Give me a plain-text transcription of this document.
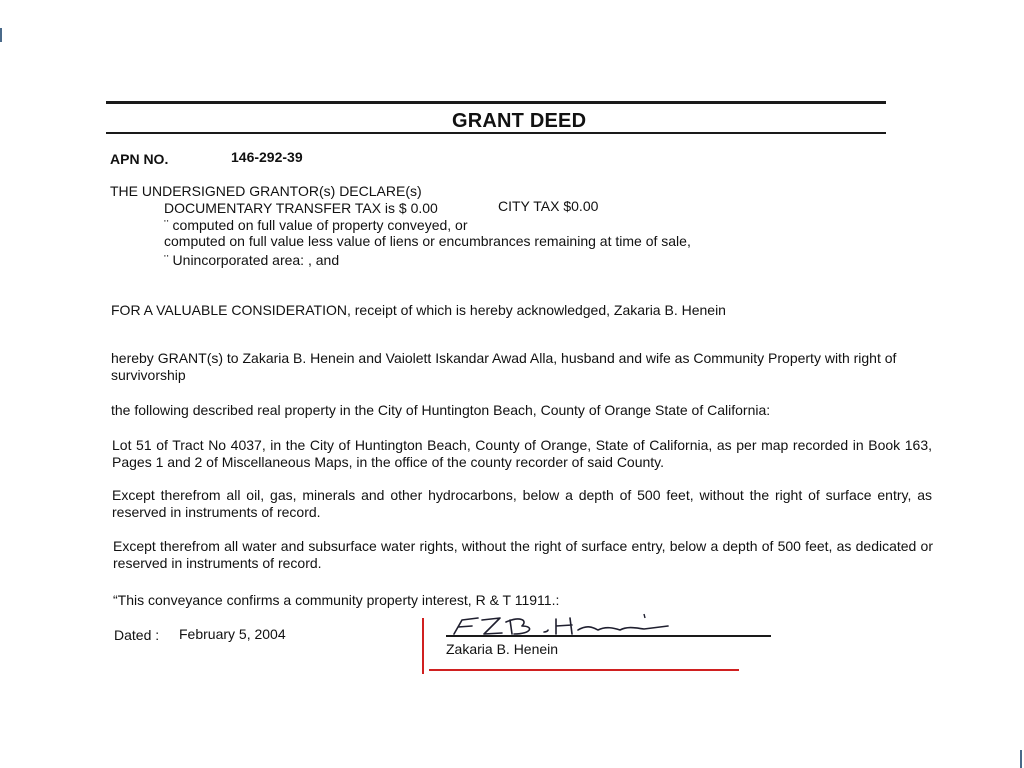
GRANT DEED
APN NO.	146-292-39
THE UNDERSIGNED GRANTOR(s) DECLARE(s)
DOCUMENTARY TRANSFER TAX is $ 0.00	CITY TAX $0.00
¨ computed on full value of property conveyed, or
computed on full value less value of liens or encumbrances remaining at time of sale,
¨ Unincorporated area: , and
FOR A VALUABLE CONSIDERATION, receipt of which is hereby acknowledged, Zakaria B. Henein
hereby GRANT(s) to Zakaria B. Henein and Vaiolett Iskandar Awad Alla, husband and wife as Community Property with right of survivorship
the following described real property in the City of Huntington Beach, County of Orange State of California:
Lot 51 of Tract No 4037, in the City of Huntington Beach, County of Orange, State of California, as per map recorded in Book 163, Pages 1 and 2 of Miscellaneous Maps, in the office of the county recorder of said County.
Except therefrom all oil, gas, minerals and other hydrocarbons, below a depth of 500 feet, without the right of surface entry, as reserved in instruments of record.
Except therefrom all water and subsurface water rights, without the right of surface entry, below a depth of 500 feet, as dedicated or reserved in instruments of record.
“This conveyance confirms a community property interest, R & T 11911.:
Dated : February 5, 2004
Zakaria B. Henein
